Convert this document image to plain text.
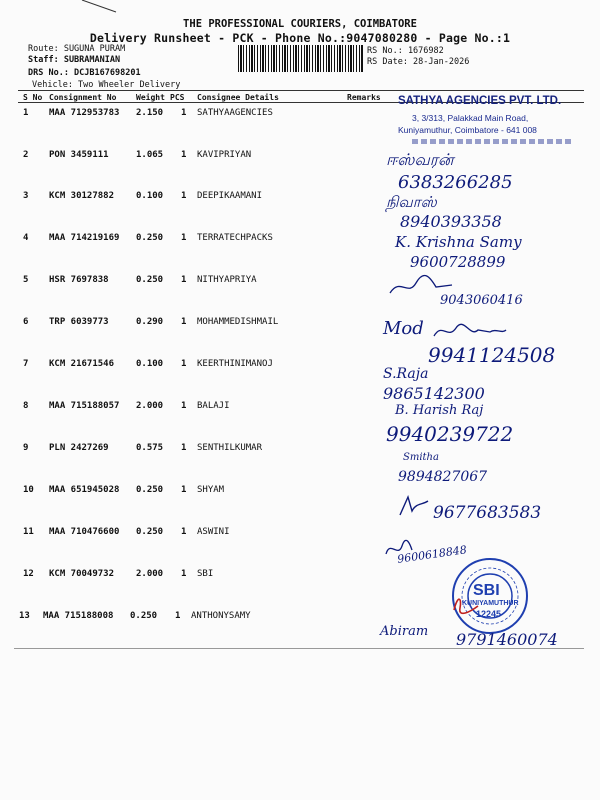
THE PROFESSIONAL COURIERS, COIMBATORE
Delivery Runsheet - PCK - Phone No.:9047080280 - Page No.:1
Route: SUGUNA PURAM
Staff: SUBRAMANIAN
DRS No.: DCJB167698201
Vehicle: Two Wheeler Delivery
RS No.: 1676982
RS Date: 28-Jan-2026
S No Consignment No Weight PCS Consignee Details	Remarks
1 MAA 712953783 2.150 1 SATHYAAGENCIES
2 PON 3459111	1.065 1 KAVIPRIYAN
3 KCM 30127882 0.100 1 DEEPIKAAMANI
4 MAA 714219169 0.250 1 TERRATECHPACKS
5 HSR 7697838	0.250 1 NITHYAPRIYA
6 TRP 6039773	0.290 1 MOHAMMEDISHMAIL
7 KCM 21671546 0.100 1 KEERTHINIMANOJ
8 MAA 715188057 2.000 1 BALAJI
9 PLN 2427269	0.575 1 SENTHILKUMAR
10 MAA 651945028 0.250 1 SHYAM
11 MAA 710476600 0.250 1 ASWINI
12 KCM 70049732 2.000 1 SBI
13 MAA 715188008 0.250 1 ANTHONYSAMY
SATHYA AGENCIES PVT. LTD.
3, 3/313, Palakkad Main Road,
Kuniyamuthur, Coimbatore - 641 008
ஈஸ்வரன்
6383266285
நிவாஸ்
8940393358
K. Krishna Samy
9600728899
9043060416
Mod
9941124508
S.Raja
9865142300
B. Harish Raj
9940239722
Smitha
9894827067
9677683583
9600618848
SBI
KUNIYAMUTHUR
12245
Abiram 9791460074
